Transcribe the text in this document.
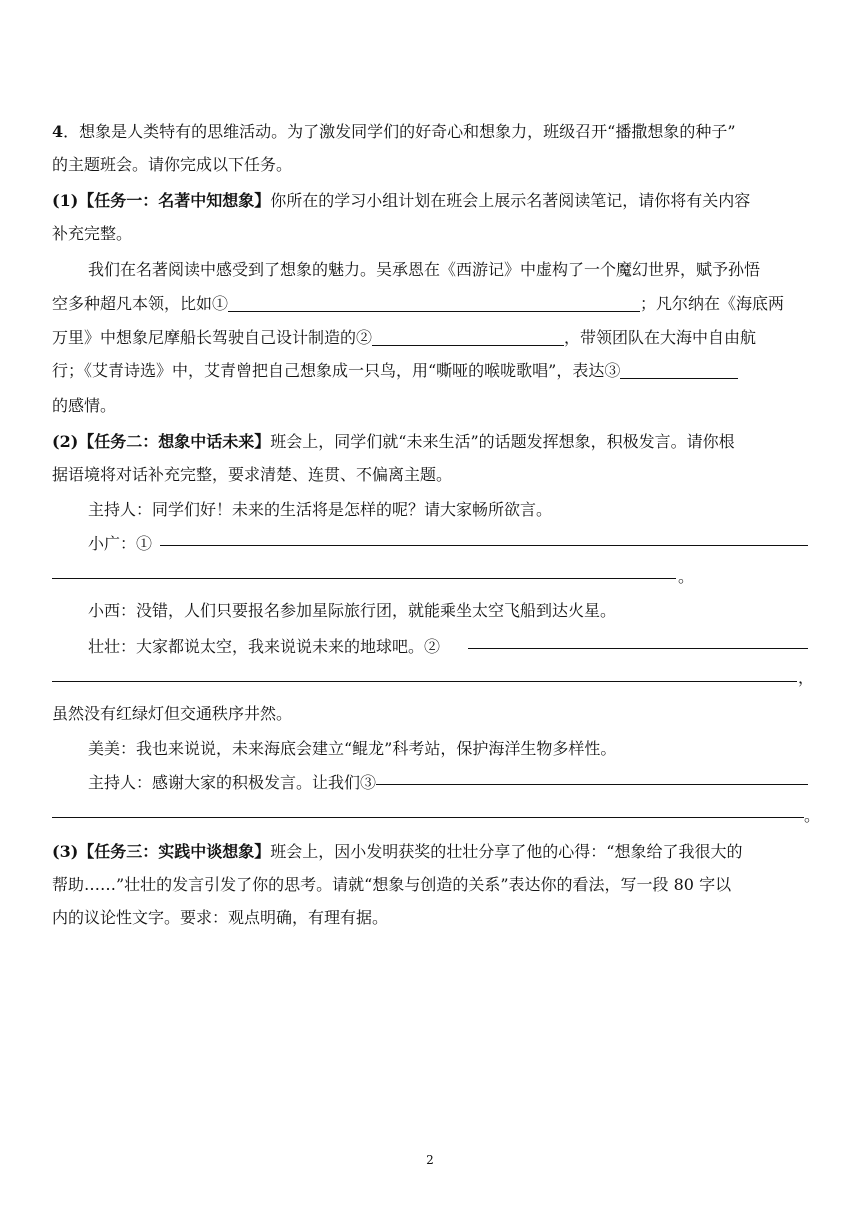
4．想象是人类特有的思维活动。为了激发同学们的好奇心和想象力，班级召开“播撒想象的种子”
的主题班会。请你完成以下任务。
(1)【任务一：名著中知想象】你所在的学习小组计划在班会上展示名著阅读笔记，请你将有关内容
补充完整。
我们在名著阅读中感受到了想象的魅力。吴承恩在《西游记》中虚构了一个魔幻世界，赋予孙悟
空多种超凡本领，比如①	；凡尔纳在《海底两
万里》中想象尼摩船长驾驶自己设计制造的②	，带领团队在大海中自由航
行；《艾青诗选》中，艾青曾把自己想象成一只鸟，用“嘶哑的喉咙歌唱”，表达③
的感情。
(2)【任务二：想象中话未来】班会上，同学们就“未来生活”的话题发挥想象，积极发言。请你根
据语境将对话补充完整，要求清楚、连贯、不偏离主题。
主持人：同学们好！未来的生活将是怎样的呢？请大家畅所欲言。
小广：①
。
小西：没错，人们只要报名参加星际旅行团，就能乘坐太空飞船到达火星。
壮壮：大家都说太空，我来说说未来的地球吧。②
，
虽然没有红绿灯但交通秩序井然。
美美：我也来说说，未来海底会建立“鲲龙”科考站，保护海洋生物多样性。
主持人：感谢大家的积极发言。让我们③
。
(3)【任务三：实践中谈想象】班会上，因小发明获奖的壮壮分享了他的心得：“想象给了我很大的
帮助……”壮壮的发言引发了你的思考。请就“想象与创造的关系”表达你的看法，写一段 80 字以
内的议论性文字。要求：观点明确，有理有据。
2
